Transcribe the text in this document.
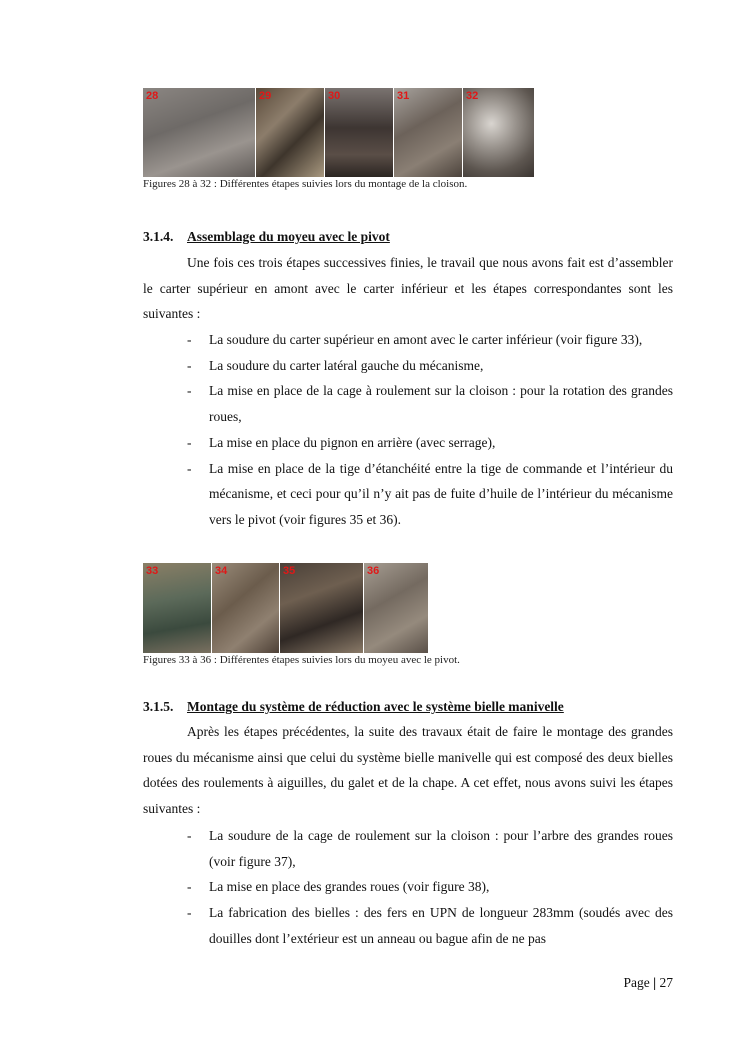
28	29	30	31	32
Figures 28 à 32 : Différentes étapes suivies lors du montage de la cloison.
3.1.4. Assemblage du moyeu avec le pivot

Une fois ces trois étapes successives finies, le travail que nous avons fait est d’assembler le carter supérieur en amont avec le carter inférieur et les étapes correspondantes sont les suivantes :

- La soudure du carter supérieur en amont avec le carter inférieur (voir figure 33),
- La soudure du carter latéral gauche du mécanisme,
- La mise en place de la cage à roulement sur la cloison : pour la rotation des grandes roues,
- La mise en place du pignon en arrière (avec serrage),
- La mise en place de la tige d’étanchéité entre la tige de commande et l’intérieur du mécanisme, et ceci pour qu’il n’y ait pas de fuite d’huile de l’intérieur du mécanisme vers le pivot (voir figures 35 et 36).
33	34	35	36
Figures 33 à 36 : Différentes étapes suivies lors du moyeu avec le pivot.
3.1.5. Montage du système de réduction avec le système bielle manivelle

Après les étapes précédentes, la suite des travaux était de faire le montage des grandes roues du mécanisme ainsi que celui du système bielle manivelle qui est composé des deux bielles dotées des roulements à aiguilles, du galet et de la chape. A cet effet, nous avons suivi les étapes suivantes :

- La soudure de la cage de roulement sur la cloison : pour l’arbre des grandes roues (voir figure 37),
- La mise en place des grandes roues (voir figure 38),
- La fabrication des bielles : des fers en UPN de longueur 283mm (soudés avec des douilles dont l’extérieur est un anneau ou bague afin de ne pas
Page | 27
